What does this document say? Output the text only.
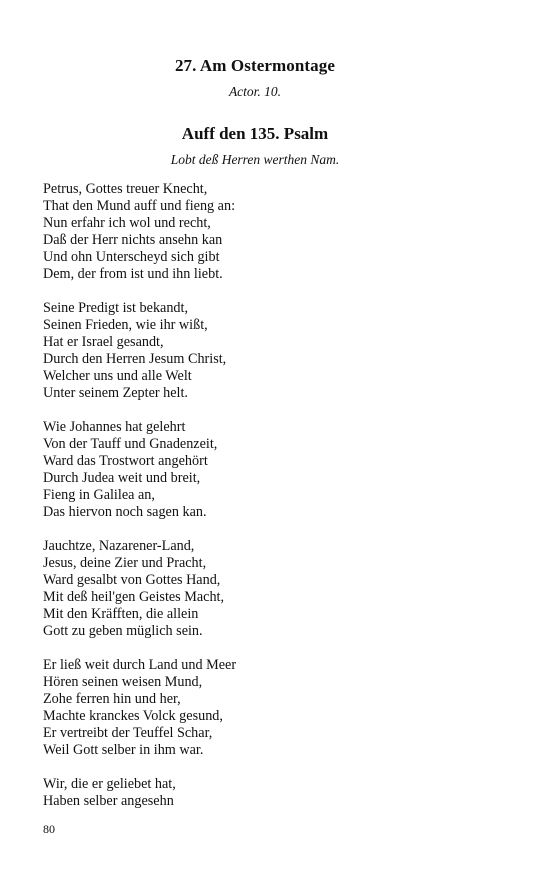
27. Am Ostermontage
Actor. 10.
Auff den 135. Psalm
Lobt deß Herren werthen Nam.
Petrus, Gottes treuer Knecht,
That den Mund auff und fieng an:
Nun erfahr ich wol und recht,
Daß der Herr nichts ansehn kan
Und ohn Unterscheyd sich gibt
Dem, der from ist und ihn liebt.
Seine Predigt ist bekandt,
Seinen Frieden, wie ihr wißt,
Hat er Israel gesandt,
Durch den Herren Jesum Christ,
Welcher uns und alle Welt
Unter seinem Zepter helt.
Wie Johannes hat gelehrt
Von der Tauff und Gnadenzeit,
Ward das Trostwort angehört
Durch Judea weit und breit,
Fieng in Galilea an,
Das hiervon noch sagen kan.
Jauchtze, Nazarener-Land,
Jesus, deine Zier und Pracht,
Ward gesalbt von Gottes Hand,
Mit deß heil'gen Geistes Macht,
Mit den Kräfften, die allein
Gott zu geben müglich sein.
Er ließ weit durch Land und Meer
Hören seinen weisen Mund,
Zohe ferren hin und her,
Machte kranckes Volck gesund,
Er vertreibt der Teuffel Schar,
Weil Gott selber in ihm war.
Wir, die er geliebet hat,
Haben selber angesehn
80
